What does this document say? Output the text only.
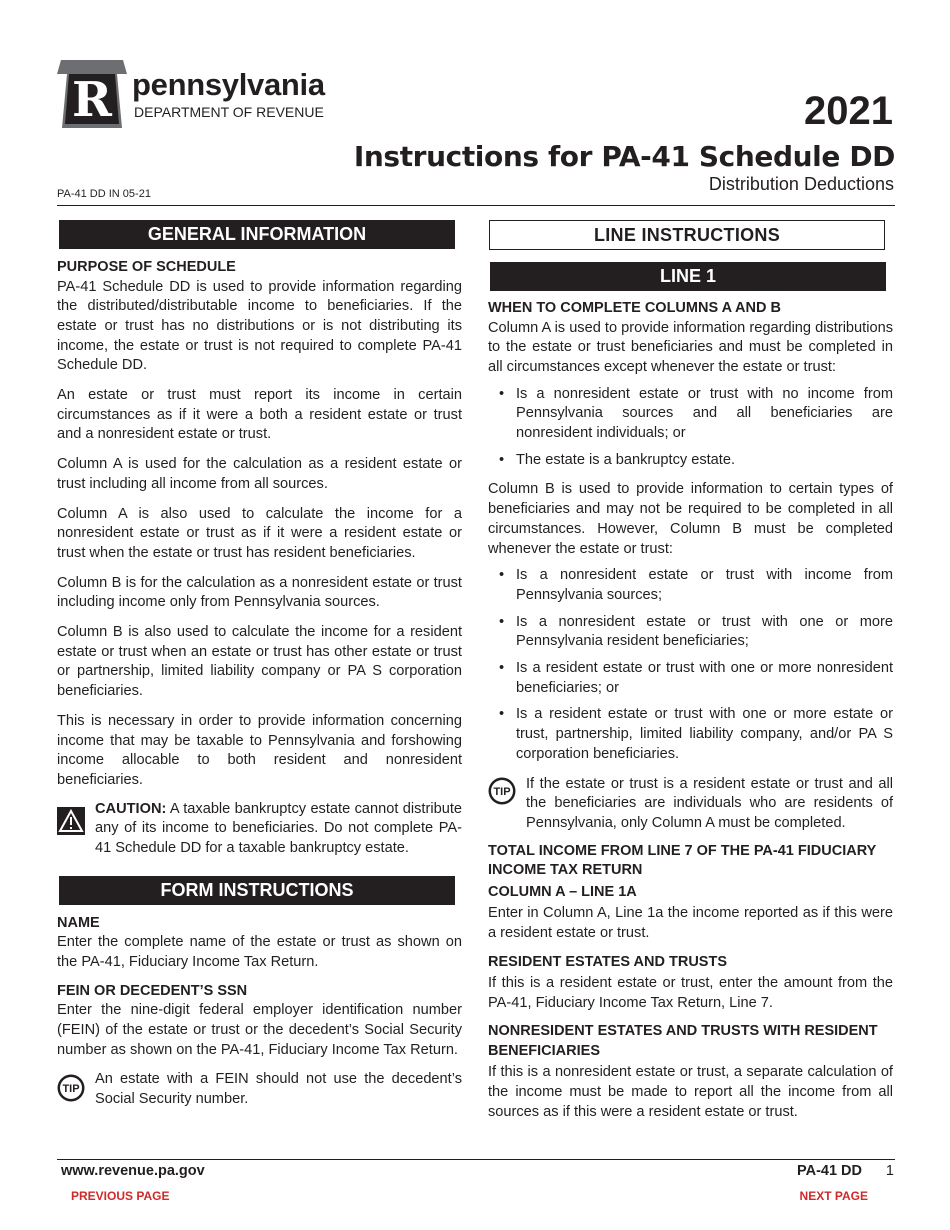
R pennsylvania
DEPARTMENT OF REVENUE	2021
Instructions for PA-41 Schedule DD
Distribution Deductions
PA-41 DD IN 05-21
GENERAL INFORMATION
PURPOSE OF SCHEDULE

PA-41 Schedule DD is used to provide information regarding the distributed/distributable income to beneficiaries. If the estate or trust has no distributions or is not distributing its income, the estate or trust is not required to complete PA-41 Schedule DD.

An estate or trust must report its income in certain circumstances as if it were a both a resident estate or trust and a nonresident estate or trust.

Column A is used for the calculation as a resident estate or trust including all income from all sources.

Column A is also used to calculate the income for a nonresident estate or trust as if it were a resident estate or trust when the estate or trust has resident beneficiaries.

Column B is for the calculation as a nonresident estate or trust including income only from Pennsylvania sources.

Column B is also used to calculate the income for a resident estate or trust when an estate or trust has other estate or trust or partnership, limited liability company or PA S corporation beneficiaries.

This is necessary in order to provide information concerning income that may be taxable to Pennsylvania and forshowing income allocable to both resident and nonresident beneficiaries.

CAUTION: A taxable bankruptcy estate cannot distribute any of its income to beneficiaries. Do not complete PA-41 Schedule DD for a taxable bankruptcy estate.

FORM INSTRUCTIONS
NAME

Enter the complete name of the estate or trust as shown on the PA-41, Fiduciary Income Tax Return.

FEIN OR DECEDENT’S SSN

Enter the nine-digit federal employer identification number (FEIN) of the estate or trust or the decedent’s Social Security number as shown on the PA-41, Fiduciary Income Tax Return.

TIP

An estate with a FEIN should not use the decedent’s Social Security number.

LINE INSTRUCTIONS
LINE 1
WHEN TO COMPLETE COLUMNS A AND B

Column A is used to provide information regarding distributions to the estate or trust beneficiaries and must be completed in all circumstances except whenever the estate or trust:

• Is a nonresident estate or trust with no income from Pennsylvania sources and all beneficiaries are nonresident individuals; or
• The estate is a bankruptcy estate.

Column B is used to provide information to certain types of beneficiaries and may not be required to be completed in all circumstances. However, Column B must be completed whenever the estate or trust:

• Is a nonresident estate or trust with income from Pennsylvania sources;
• Is a nonresident estate or trust with one or more Pennsylvania resident beneficiaries;
• Is a resident estate or trust with one or more nonresident beneficiaries; or
• Is a resident estate or trust with one or more estate or trust, partnership, limited liability company, and/or PA S corporation beneficiaries.
TIP	If the estate or trust is a resident estate or trust and all the beneficiaries are individuals who are residents of Pennsylvania, only Column A must be completed.

TOTAL INCOME FROM LINE 7 OF THE PA-41 FIDUCIARY INCOME TAX RETURN
COLUMN A – LINE 1A

Enter in Column A, Line 1a the income reported as if this were a resident estate or trust.

RESIDENT ESTATES AND TRUSTS

If this is a resident estate or trust, enter the amount from the PA-41, Fiduciary Income Tax Return, Line 7.

NONRESIDENT ESTATES AND TRUSTS WITH RESIDENT BENEFICIARIES

If this is a nonresident estate or trust, a separate calculation of the income must be made to report all the income from all sources as if this were a resident estate or trust.

www.revenue.pa.gov	PA-41 DD 1
PREVIOUS PAGE	NEXT PAGE
